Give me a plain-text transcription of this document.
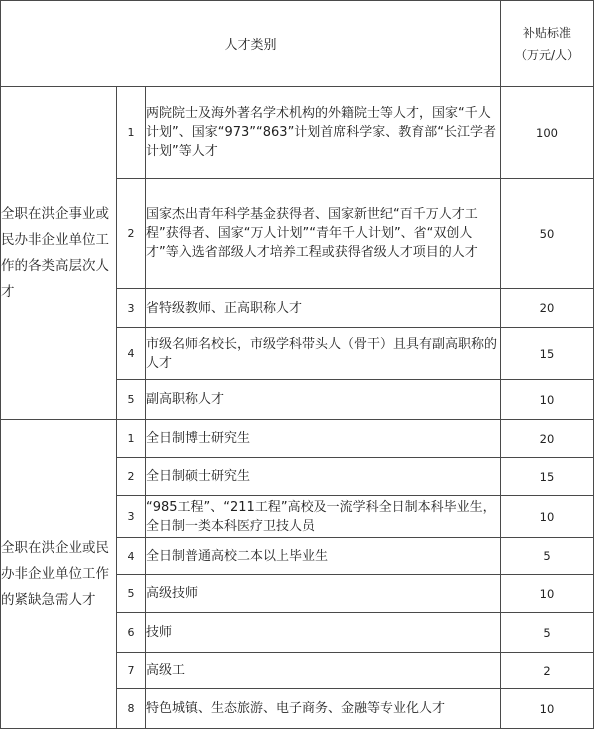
人才类别			补贴标准
（万元/人）

全职在洪企事业或民办非企业单位工作的各类高层次人才	1	两院院士及海外著名学术机构的外籍院士等人才，国家“千人计划”、国家“973”“863”计划首席科学家、教育部“长江学者计划”等人才	100
	2	国家杰出青年科学基金获得者、国家新世纪“百千万人才工程”获得者、国家“万人计划”“青年千人计划”、省“双创人才”等入选省部级人才培养工程或获得省级人才项目的人才	50
	3	省特级教师、正高职称人才	20
	4	市级名师名校长，市级学科带头人（骨干）且具有副高职称的人才	15
	5	副高职称人才	10
全职在洪企业或民办非企业单位工作的紧缺急需人才	1	全日制博士研究生	20
	2	全日制硕士研究生	15
	3	“985工程”、“211工程”高校及一流学科全日制本科毕业生，全日制一类本科医疗卫技人员	10
	4	全日制普通高校二本以上毕业生	5
	5	高级技师	10
	6	技师	5
	7	高级工	2
	8	特色城镇、生态旅游、电子商务、金融等专业化人才	10
